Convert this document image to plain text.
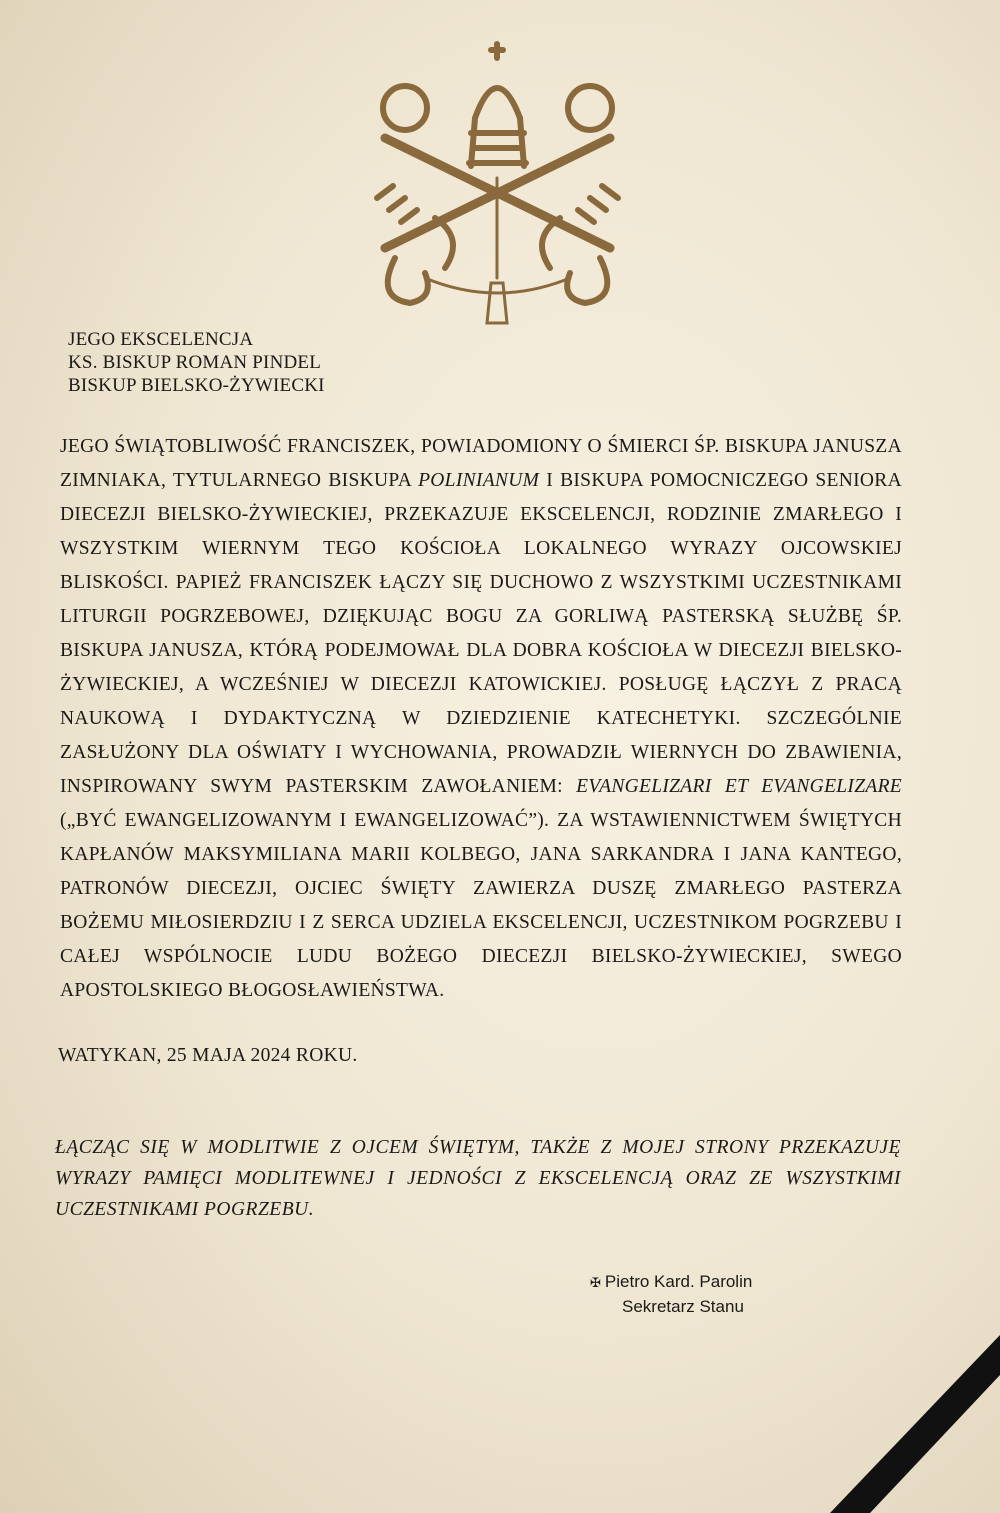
JEGO EKSCELENCJA
KS. BISKUP ROMAN PINDEL
BISKUP BIELSKO-ŻYWIECKI
JEGO ŚWIĄTOBLIWOŚĆ FRANCISZEK, POWIADOMIONY O ŚMIERCI ŚP. BISKUPA JANUSZA ZIMNIAKA, TYTULARNEGO BISKUPA POLINIANUM I BISKUPA POMOCNICZEGO SENIORA DIECEZJI BIELSKO-ŻYWIECKIEJ, PRZEKAZUJE EKSCELENCJI, RODZINIE ZMARŁEGO I WSZYSTKIM WIERNYM TEGO KOŚCIOŁA LOKALNEGO WYRAZY OJCOWSKIEJ BLISKOŚCI. PAPIEŻ FRANCISZEK ŁĄCZY SIĘ DUCHOWO Z WSZYSTKIMI UCZESTNIKAMI LITURGII POGRZEBOWEJ, DZIĘKUJĄC BOGU ZA GORLIWĄ PASTERSKĄ SŁUŻBĘ ŚP. BISKUPA JANUSZA, KTÓRĄ PODEJMOWAŁ DLA DOBRA KOŚCIOŁA W DIECEZJI BIELSKO-ŻYWIECKIEJ, A WCZEŚNIEJ W DIECEZJI KATOWICKIEJ. POSŁUGĘ ŁĄCZYŁ Z PRACĄ NAUKOWĄ I DYDAKTYCZNĄ W DZIEDZIENIE KATECHETYKI. SZCZEGÓLNIE ZASŁUŻONY DLA OŚWIATY I WYCHOWANIA, PROWADZIŁ WIERNYCH DO ZBAWIENIA, INSPIROWANY SWYM PASTERSKIM ZAWOŁANIEM: EVANGELIZARI ET EVANGELIZARE („BYĆ EWANGELIZOWANYM I EWANGELIZOWAĆ”). ZA WSTAWIENNICTWEM ŚWIĘTYCH KAPŁANÓW MAKSYMILIANA MARII KOLBEGO, JANA SARKANDRA I JANA KANTEGO, PATRONÓW DIECEZJI, OJCIEC ŚWIĘTY ZAWIERZA DUSZĘ ZMARŁEGO PASTERZA BOŻEMU MIŁOSIERDZIU I Z SERCA UDZIELA EKSCELENCJI, UCZESTNIKOM POGRZEBU I CAŁEJ WSPÓLNOCIE LUDU BOŻEGO DIECEZJI BIELSKO-ŻYWIECKIEJ, SWEGO APOSTOLSKIEGO BŁOGOSŁAWIEŃSTWA.
WATYKAN, 25 MAJA 2024 ROKU.
ŁĄCZĄC SIĘ W MODLITWIE Z OJCEM ŚWIĘTYM, TAKŻE Z MOJEJ STRONY PRZEKAZUJĘ WYRAZY PAMIĘCI MODLITEWNEJ I JEDNOŚCI Z EKSCELENCJĄ ORAZ ZE WSZYSTKIMI UCZESTNIKAMI POGRZEBU.
✠ Pietro Kard. Parolin
Sekretarz Stanu
